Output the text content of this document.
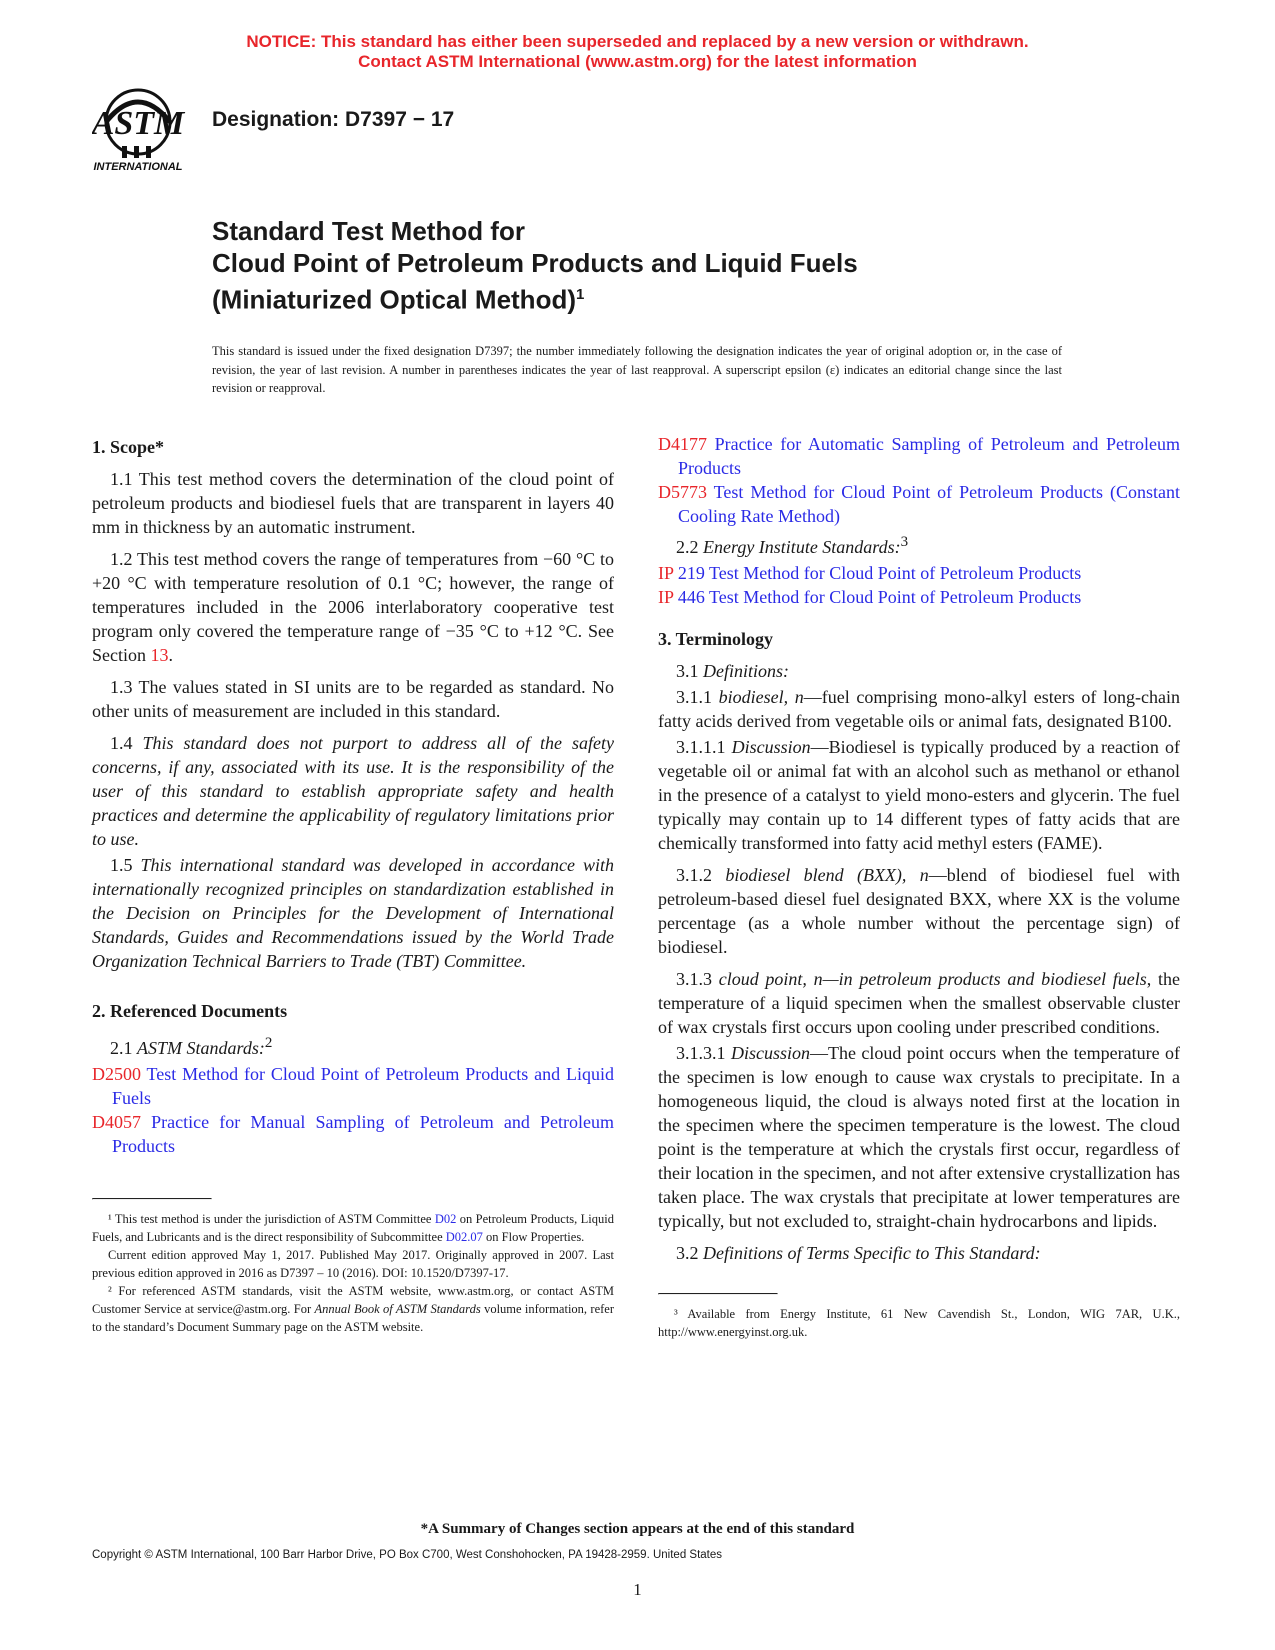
NOTICE: This standard has either been superseded and replaced by a new version or withdrawn.
Contact ASTM International (www.astm.org) for the latest information
ASTM
INTERNATIONAL
Designation: D7397 − 17
Standard Test Method for
Cloud Point of Petroleum Products and Liquid Fuels
(Miniaturized Optical Method)$^1$
This standard is issued under the fixed designation D7397; the number immediately following the designation indicates the year of original adoption or, in the case of revision, the year of last revision. A number in parentheses indicates the year of last reapproval. A superscript epsilon (ε) indicates an editorial change since the last revision or reapproval.
1. Scope*

1.1 This test method covers the determination of the cloud point of petroleum products and biodiesel fuels that are transparent in layers 40 mm in thickness by an automatic instrument.

1.2 This test method covers the range of temperatures from −60 °C to +20 °C with temperature resolution of 0.1 °C; however, the range of temperatures included in the 2006 interlaboratory cooperative test program only covered the temperature range of −35 °C to +12 °C. See Section 13.

1.3 The values stated in SI units are to be regarded as standard. No other units of measurement are included in this standard.

1.4 This standard does not purport to address all of the safety concerns, if any, associated with its use. It is the responsibility of the user of this standard to establish appropriate safety and health practices and determine the applicability of regulatory limitations prior to use.

1.5 This international standard was developed in accordance with internationally recognized principles on standardization established in the Decision on Principles for the Development of International Standards, Guides and Recommendations issued by the World Trade Organization Technical Barriers to Trade (TBT) Committee.

2. Referenced Documents

2.1 ASTM Standards:$^2$

D2500 Test Method for Cloud Point of Petroleum Products and Liquid Fuels

D4057 Practice for Manual Sampling of Petroleum and Petroleum Products

¹ This test method is under the jurisdiction of ASTM Committee D02 on Petroleum Products, Liquid Fuels, and Lubricants and is the direct responsibility of Subcommittee D02.07 on Flow Properties.

Current edition approved May 1, 2017. Published May 2017. Originally approved in 2007. Last previous edition approved in 2016 as D7397 – 10 (2016). DOI: 10.1520/D7397-17.

² For referenced ASTM standards, visit the ASTM website, www.astm.org, or contact ASTM Customer Service at service@astm.org. For Annual Book of ASTM Standards volume information, refer to the standard’s Document Summary page on the ASTM website.

D4177 Practice for Automatic Sampling of Petroleum and Petroleum Products

D5773 Test Method for Cloud Point of Petroleum Products (Constant Cooling Rate Method)

2.2 Energy Institute Standards:$^3$

IP 219 Test Method for Cloud Point of Petroleum Products

IP 446 Test Method for Cloud Point of Petroleum Products

3. Terminology

3.1 Definitions:

3.1.1 biodiesel, n—fuel comprising mono-alkyl esters of long-chain fatty acids derived from vegetable oils or animal fats, designated B100.

3.1.1.1 Discussion—Biodiesel is typically produced by a reaction of vegetable oil or animal fat with an alcohol such as methanol or ethanol in the presence of a catalyst to yield mono-esters and glycerin. The fuel typically may contain up to 14 different types of fatty acids that are chemically transformed into fatty acid methyl esters (FAME).

3.1.2 biodiesel blend (BXX), n—blend of biodiesel fuel with petroleum-based diesel fuel designated BXX, where XX is the volume percentage (as a whole number without the percentage sign) of biodiesel.

3.1.3 cloud point, n—in petroleum products and biodiesel fuels, the temperature of a liquid specimen when the smallest observable cluster of wax crystals first occurs upon cooling under prescribed conditions.

3.1.3.1 Discussion—The cloud point occurs when the temperature of the specimen is low enough to cause wax crystals to precipitate. In a homogeneous liquid, the cloud is always noted first at the location in the specimen where the specimen temperature is the lowest. The cloud point is the temperature at which the crystals first occur, regardless of their location in the specimen, and not after extensive crystallization has taken place. The wax crystals that precipitate at lower temperatures are typically, but not excluded to, straight-chain hydrocarbons and lipids.

3.2 Definitions of Terms Specific to This Standard:

³ Available from Energy Institute, 61 New Cavendish St., London, WIG 7AR, U.K., http://www.energyinst.org.uk.

*A Summary of Changes section appears at the end of this standard
Copyright © ASTM International, 100 Barr Harbor Drive, PO Box C700, West Conshohocken, PA 19428-2959. United States
1
